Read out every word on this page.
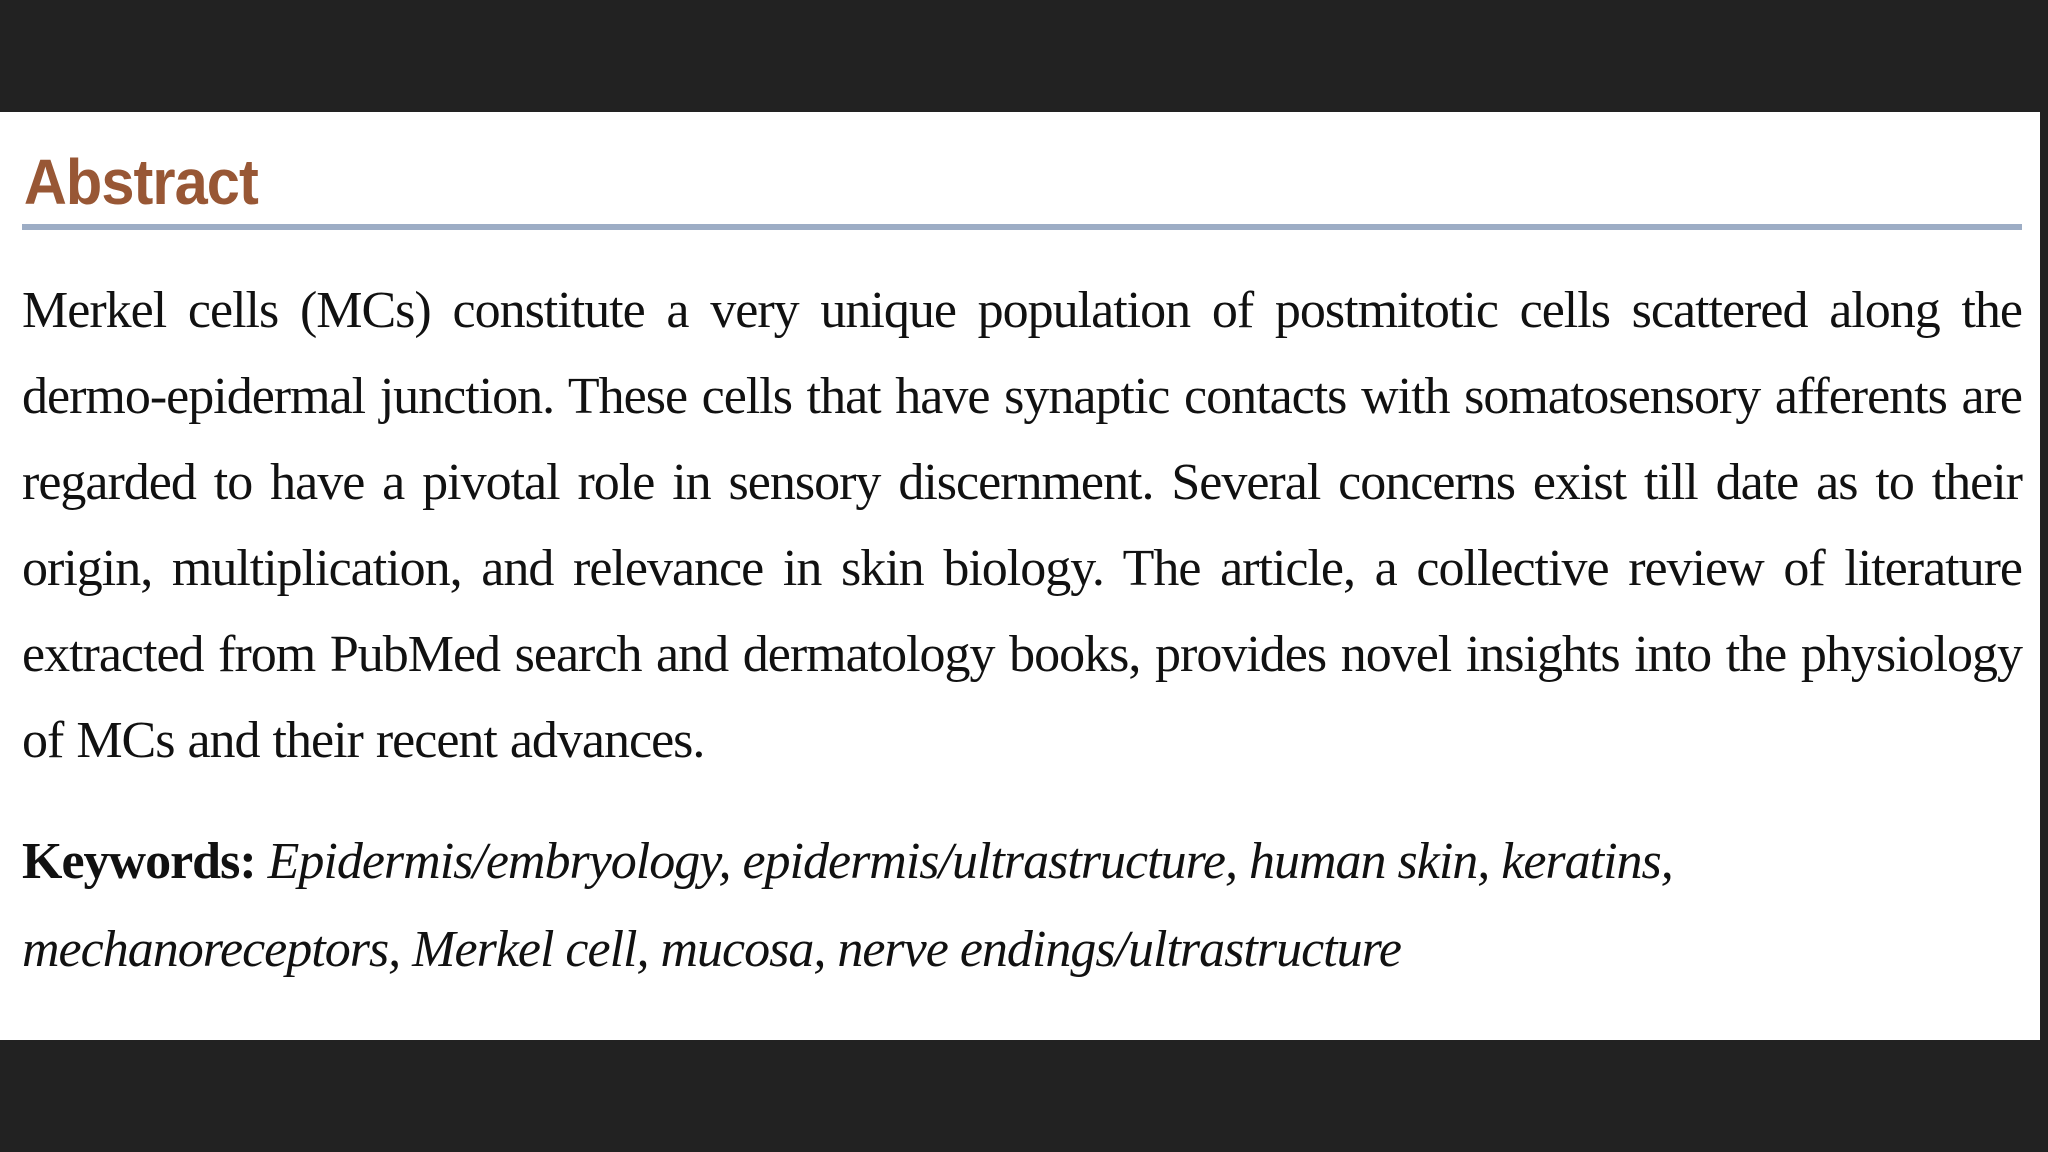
Abstract

Merkel cells (MCs) constitute a very unique population of postmitotic cells scattered along the dermo-epidermal junction. These cells that have synaptic contacts with somatosensory afferents are regarded to have a pivotal role in sensory discernment. Several concerns exist till date as to their origin, multiplication, and relevance in skin biology. The article, a collective review of literature extracted from PubMed search and dermatology books, provides novel insights into the physiology of MCs and their recent advances.

Keywords: Epidermis/embryology, epidermis/ultrastructure, human skin, keratins, mechanoreceptors, Merkel cell, mucosa, nerve endings/ultrastructure
